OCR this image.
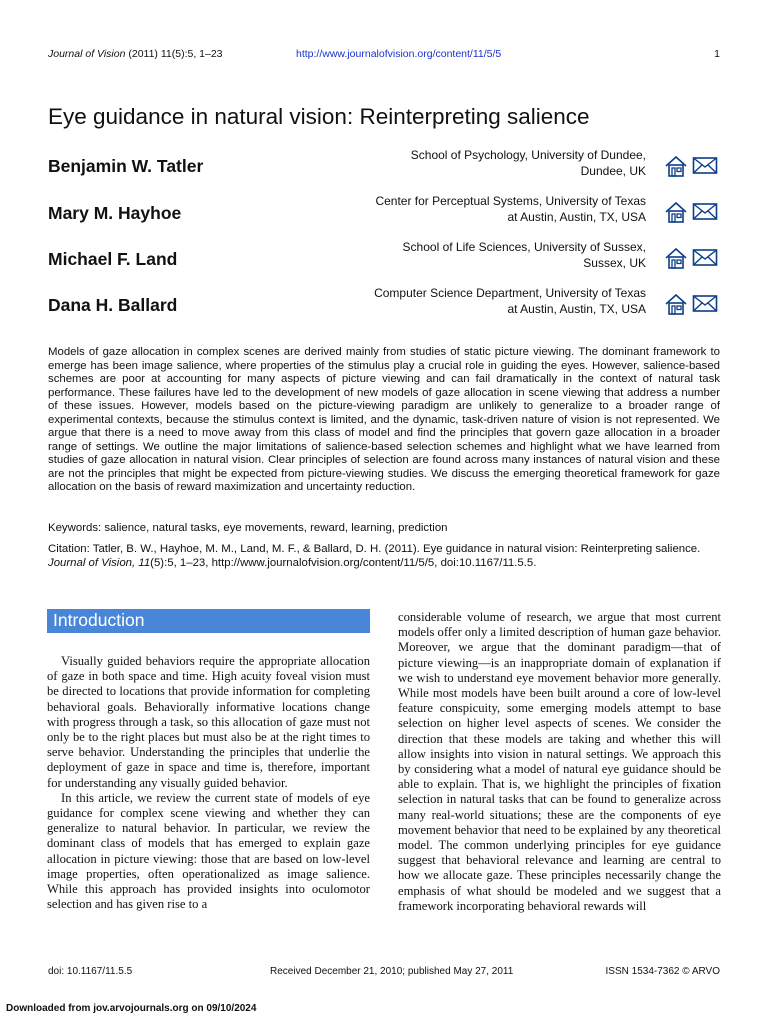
Journal of Vision (2011) 11(5):5, 1–23	http://www.journalofvision.org/content/11/5/5	1
Eye guidance in natural vision: Reinterpreting salience
Benjamin W. Tatler
School of Psychology, University of Dundee,
Dundee, UK
Mary M. Hayhoe
Center for Perceptual Systems, University of Texas
at Austin, Austin, TX, USA
Michael F. Land
School of Life Sciences, University of Sussex,
Sussex, UK
Dana H. Ballard
Computer Science Department, University of Texas
at Austin, Austin, TX, USA

Models of gaze allocation in complex scenes are derived mainly from studies of static picture viewing. The dominant framework to emerge has been image salience, where properties of the stimulus play a crucial role in guiding the eyes. However, salience-based schemes are poor at accounting for many aspects of picture viewing and can fail dramatically in the context of natural task performance. These failures have led to the development of new models of gaze allocation in scene viewing that address a number of these issues. However, models based on the picture-viewing paradigm are unlikely to generalize to a broader range of experimental contexts, because the stimulus context is limited, and the dynamic, task-driven nature of vision is not represented. We argue that there is a need to move away from this class of model and find the principles that govern gaze allocation in a broader range of settings. We outline the major limitations of salience-based selection schemes and highlight what we have learned from studies of gaze allocation in natural vision. Clear principles of selection are found across many instances of natural vision and these are not the principles that might be expected from picture-viewing studies. We discuss the emerging theoretical framework for gaze allocation on the basis of reward maximization and uncertainty reduction.

Keywords: salience, natural tasks, eye movements, reward, learning, prediction
Citation: Tatler, B. W., Hayhoe, M. M., Land, M. F., & Ballard, D. H. (2011). Eye guidance in natural vision: Reinterpreting salience. Journal of Vision, 11(5):5, 1–23, http://www.journalofvision.org/content/11/5/5, doi:10.1167/11.5.5.
Introduction

Visually guided behaviors require the appropriate allocation of gaze in both space and time. High acuity foveal vision must be directed to locations that provide information for completing behavioral goals. Behaviorally informative locations change with progress through a task, so this allocation of gaze must not only be to the right places but must also be at the right times to serve behavior. Understanding the principles that underlie the deployment of gaze in space and time is, therefore, important for understanding any visually guided behavior.

In this article, we review the current state of models of eye guidance for complex scene viewing and whether they can generalize to natural behavior. In particular, we review the dominant class of models that has emerged to explain gaze allocation in picture viewing: those that are based on low-level image properties, often operationalized as image salience. While this approach has provided insights into oculomotor selection and has given rise to a

considerable volume of research, we argue that most current models offer only a limited description of human gaze behavior. Moreover, we argue that the dominant paradigm—that of picture viewing—is an inappropriate domain of explanation if we wish to understand eye movement behavior more generally. While most models have been built around a core of low-level feature conspicuity, some emerging models attempt to base selection on higher level aspects of scenes. We consider the direction that these models are taking and whether this will allow insights into vision in natural settings. We approach this by considering what a model of natural eye guidance should be able to explain. That is, we highlight the principles of fixation selection in natural tasks that can be found to generalize across many real-world situations; these are the components of eye movement behavior that need to be explained by any theoretical model. The common underlying principles for eye guidance suggest that behavioral relevance and learning are central to how we allocate gaze. These principles necessarily change the emphasis of what should be modeled and we suggest that a framework incorporating behavioral rewards will

doi: 10.1167/11.5.5	Received December 21, 2010; published May 27, 2011	ISSN 1534-7362 © ARVO
Downloaded from jov.arvojournals.org on 09/10/2024
